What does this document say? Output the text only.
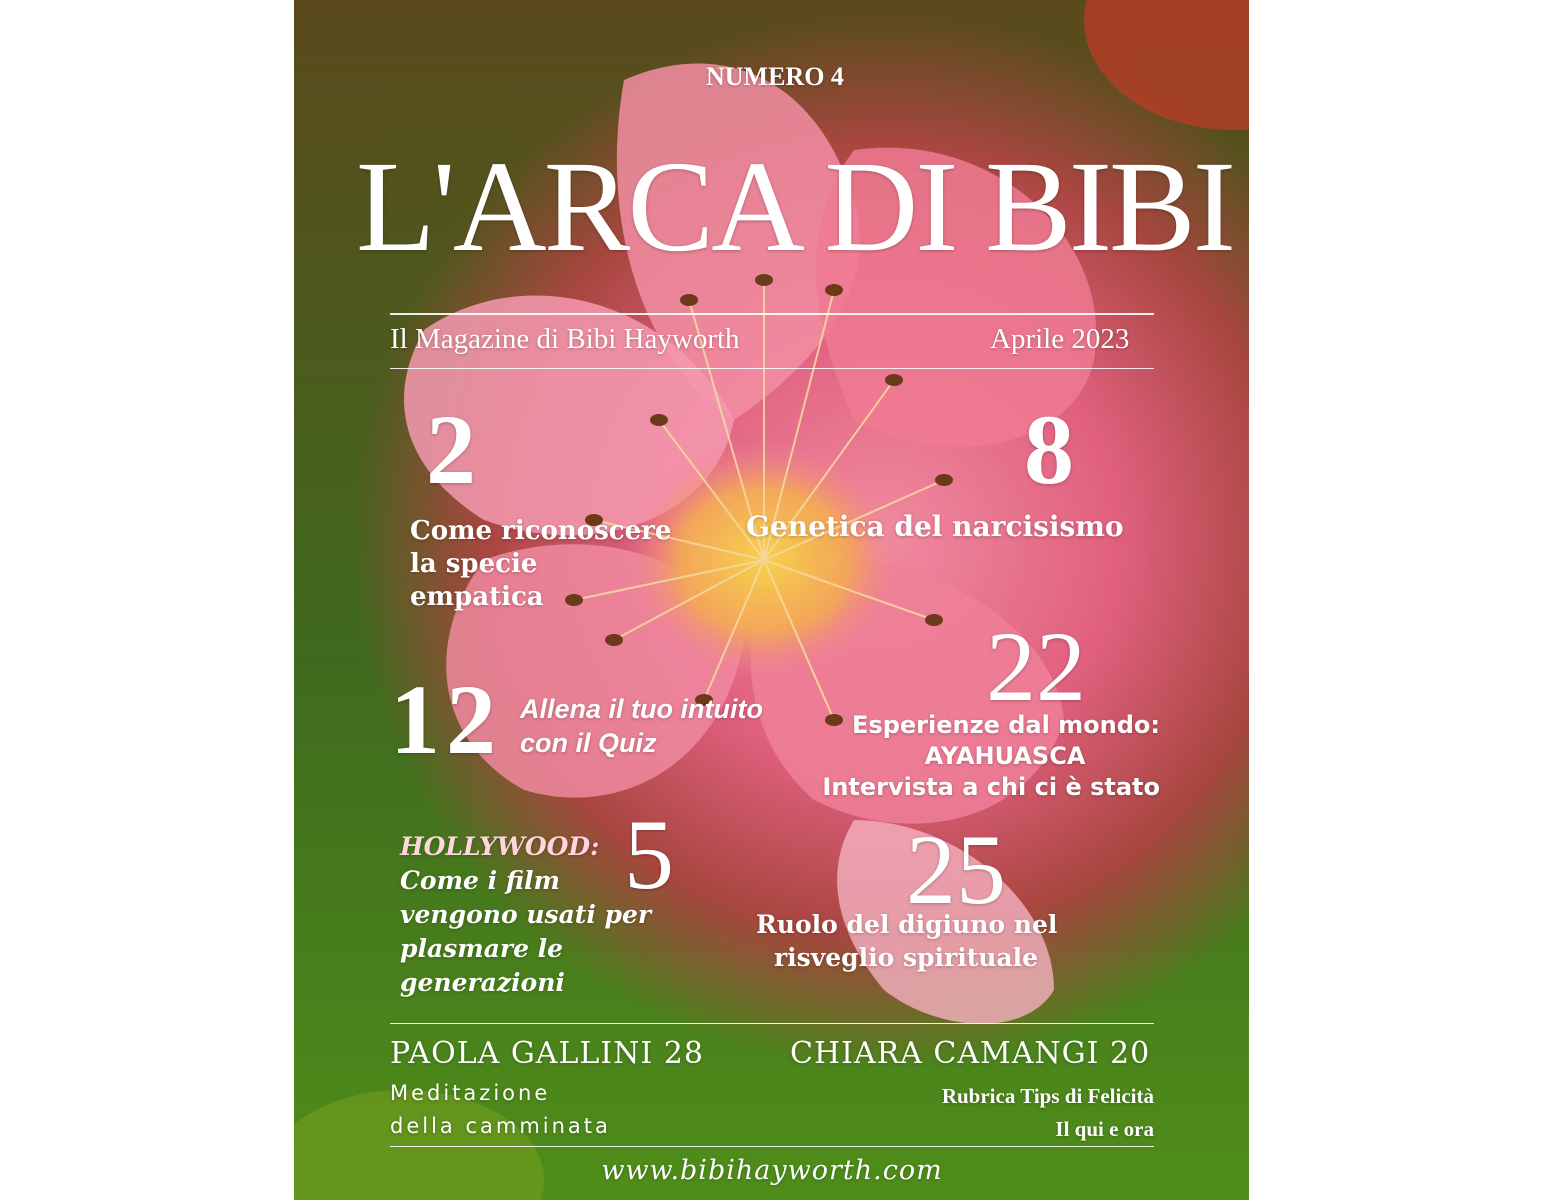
NUMERO 4
L'ARCA DI BIBI
Il Magazine di Bibi Hayworth	Aprile 2023
2
Come riconoscere
la specie
empatica
8
Genetica del narcisismo
12 Allena il tuo intuito
con il Quiz
22
Esperienze dal mondo:
AYAHUASCA
Intervista a chi ci è stato
5
HOLLYWOOD:
Come i film
vengono usati per
plasmare le
generazioni
25
Ruolo del digiuno nel
risveglio spirituale
PAOLA GALLINI 28
Meditazione
della camminata
CHIARA CAMANGI 20
Rubrica Tips di Felicità
Il qui e ora
www.bibihayworth.com
